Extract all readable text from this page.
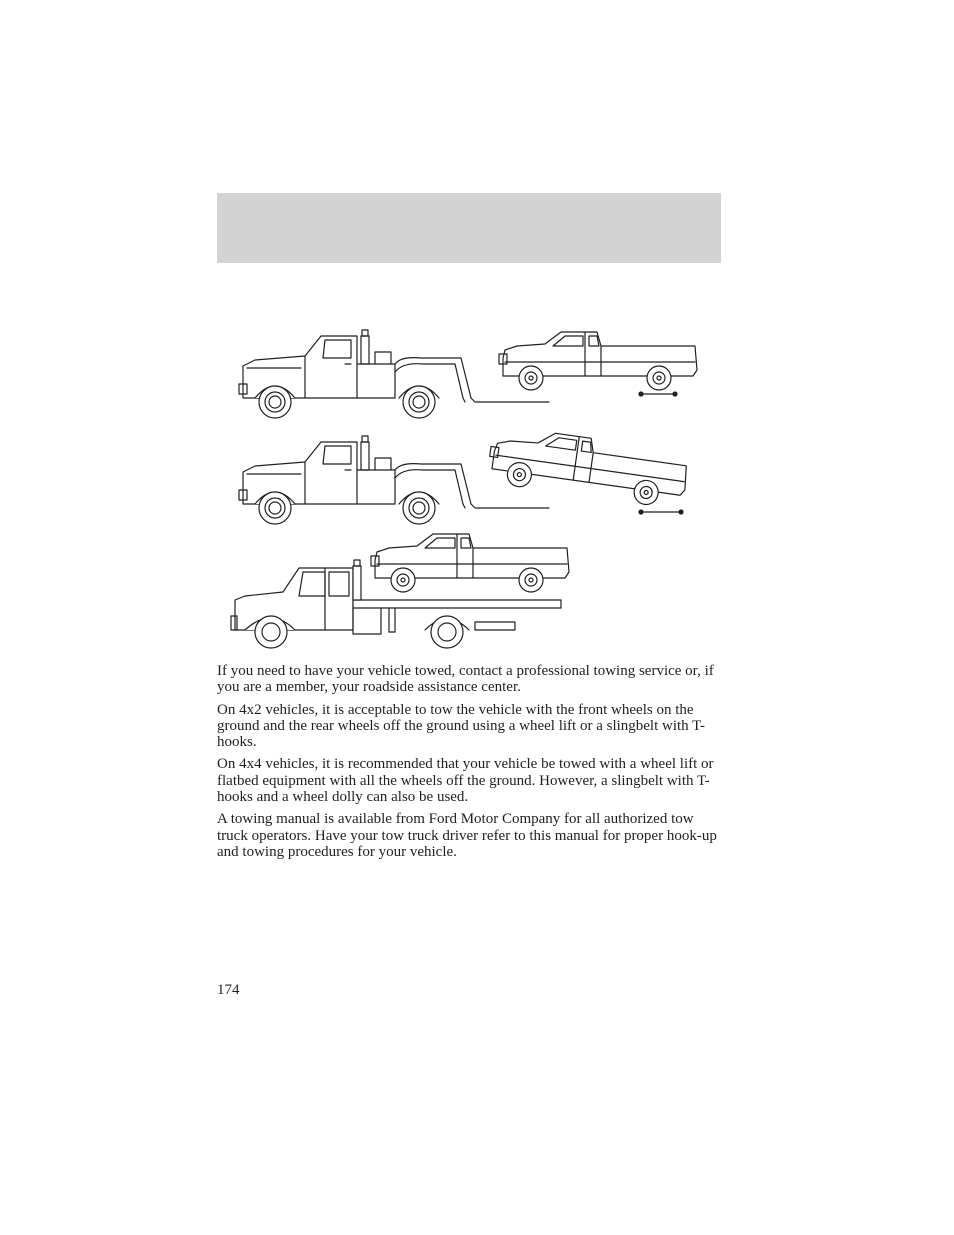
If you need to have your vehicle towed, contact a professional towing service or, if you are a member, your roadside assistance center.

On 4x2 vehicles, it is acceptable to tow the vehicle with the front wheels on the ground and the rear wheels off the ground using a wheel lift or a slingbelt with T-hooks.

On 4x4 vehicles, it is recommended that your vehicle be towed with a wheel lift or flatbed equipment with all the wheels off the ground. However, a slingbelt with T-hooks and a wheel dolly can also be used.

A towing manual is available from Ford Motor Company for all authorized tow truck operators. Have your tow truck driver refer to this manual for proper hook-up and towing procedures for your vehicle.

174
